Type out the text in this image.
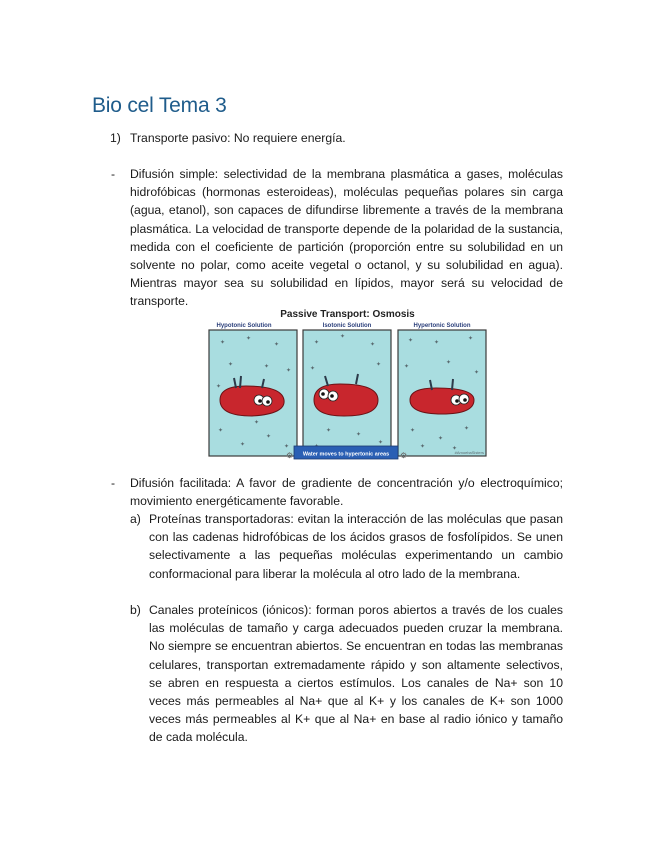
Bio cel Tema 3
1) Transporte pasivo: No requiere energía.
- Difusión simple: selectividad de la membrana plasmática a gases, moléculas hidrofóbicas (hormonas esteroideas), moléculas pequeñas polares sin carga (agua, etanol), son capaces de difundirse libremente a través de la membrana plasmática. La velocidad de transporte depende de la polaridad de la sustancia, medida con el coeficiente de partición (proporción entre su solubilidad en un solvente no polar, como aceite vegetal o octanol, y su solubilidad en agua). Mientras mayor sea su solubilidad en lípidos, mayor será su velocidad de transporte.
Passive Transport: Osmosis
Hypotonic Solution	Isotonic Solution	Hypertonic Solution
✦
✦
✦
✦	✦
✦
✦
✦
✦
✦
✦
✦
✦
✦
✦
✦
✦
✦
✦
✦
✦	✦
✦
✦
✦
✦
✦
✦
✦
✦	✦
Water moves to hypertonic areas
⚙	⚙	#AmoebaSisters
- Difusión facilitada: A favor de gradiente de concentración y/o electroquímico; movimiento energéticamente favorable.
a) Proteínas transportadoras: evitan la interacción de las moléculas que pasan con las cadenas hidrofóbicas de los ácidos grasos de fosfolípidos. Se unen selectivamente a las pequeñas moléculas experimentando un cambio conformacional para liberar la molécula al otro lado de la membrana.
b) Canales proteínicos (iónicos): forman poros abiertos a través de los cuales las moléculas de tamaño y carga adecuados pueden cruzar la membrana. No siempre se encuentran abiertos. Se encuentran en todas las membranas celulares, transportan extremadamente rápido y son altamente selectivos, se abren en respuesta a ciertos estímulos. Los canales de Na+ son 10 veces más permeables al Na+ que al K+ y los canales de K+ son 1000 veces más permeables al K+ que al Na+ en base al radio iónico y tamaño de cada molécula.
